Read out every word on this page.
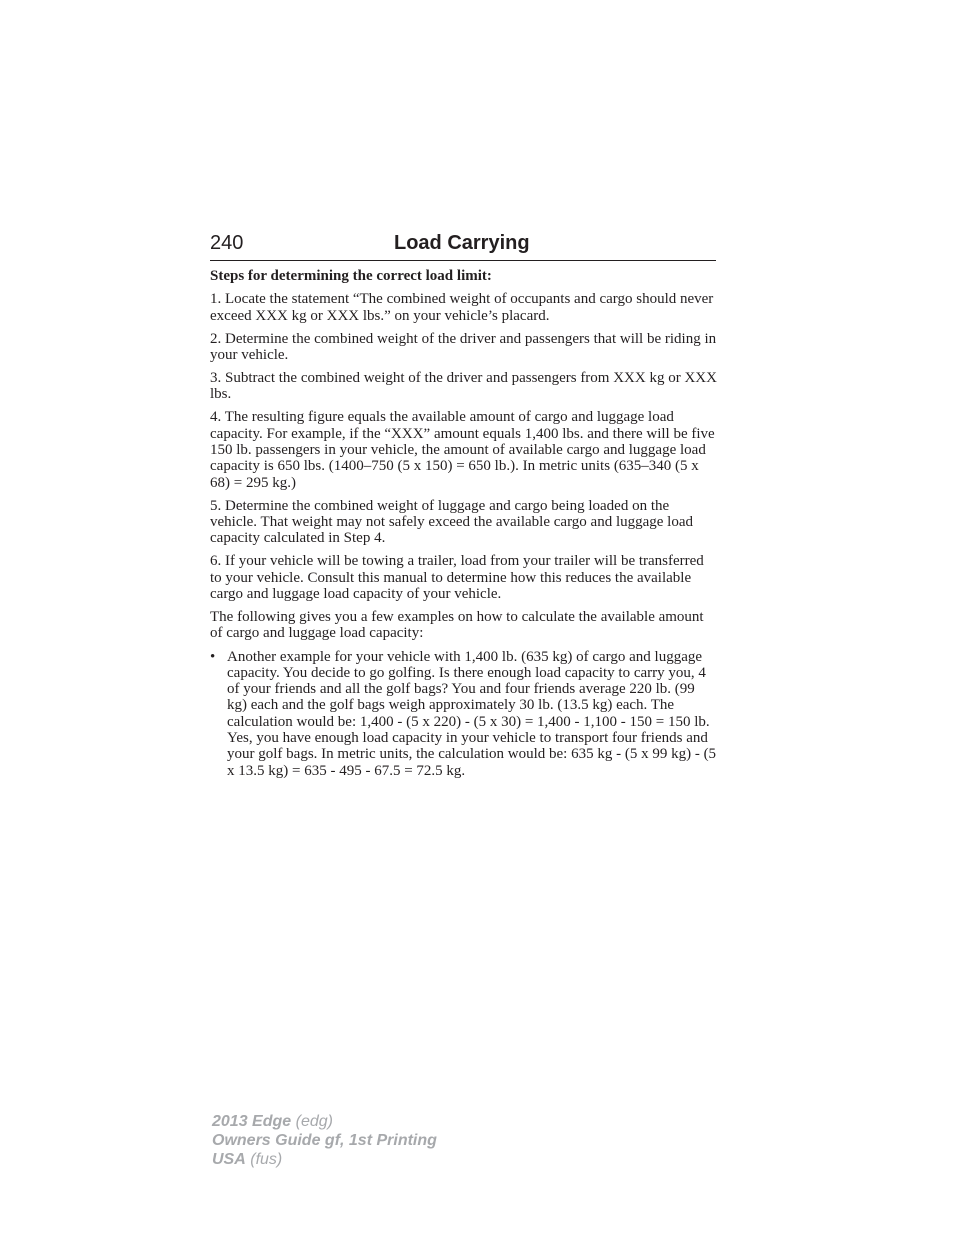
240	Load Carrying

Steps for determining the correct load limit:

1. Locate the statement “The combined weight of occupants and cargo should never exceed XXX kg or XXX lbs.” on your vehicle’s placard.

2. Determine the combined weight of the driver and passengers that will be riding in your vehicle.

3. Subtract the combined weight of the driver and passengers from XXX kg or XXX lbs.

4. The resulting figure equals the available amount of cargo and luggage load capacity. For example, if the “XXX” amount equals 1,400 lbs. and there will be five 150 lb. passengers in your vehicle, the amount of available cargo and luggage load capacity is 650 lbs. (1400–750 (5 x 150) = 650 lb.). In metric units (635–340 (5 x 68) = 295 kg.)

5. Determine the combined weight of luggage and cargo being loaded on the vehicle. That weight may not safely exceed the available cargo and luggage load capacity calculated in Step 4.

6. If your vehicle will be towing a trailer, load from your trailer will be transferred to your vehicle. Consult this manual to determine how this reduces the available cargo and luggage load capacity of your vehicle.

The following gives you a few examples on how to calculate the available amount of cargo and luggage load capacity:

• Another example for your vehicle with 1,400 lb. (635 kg) of cargo and luggage capacity. You decide to go golfing. Is there enough load capacity to carry you, 4 of your friends and all the golf bags? You and four friends average 220 lb. (99 kg) each and the golf bags weigh approximately 30 lb. (13.5 kg) each. The calculation would be: 1,400 - (5 x 220) - (5 x 30) = 1,400 - 1,100 - 150 = 150 lb. Yes, you have enough load capacity in your vehicle to transport four friends and your golf bags. In metric units, the calculation would be: 635 kg - (5 x 99 kg) - (5 x 13.5 kg) = 635 - 495 - 67.5 = 72.5 kg.
2013 Edge (edg)
Owners Guide gf, 1st Printing
USA (fus)
